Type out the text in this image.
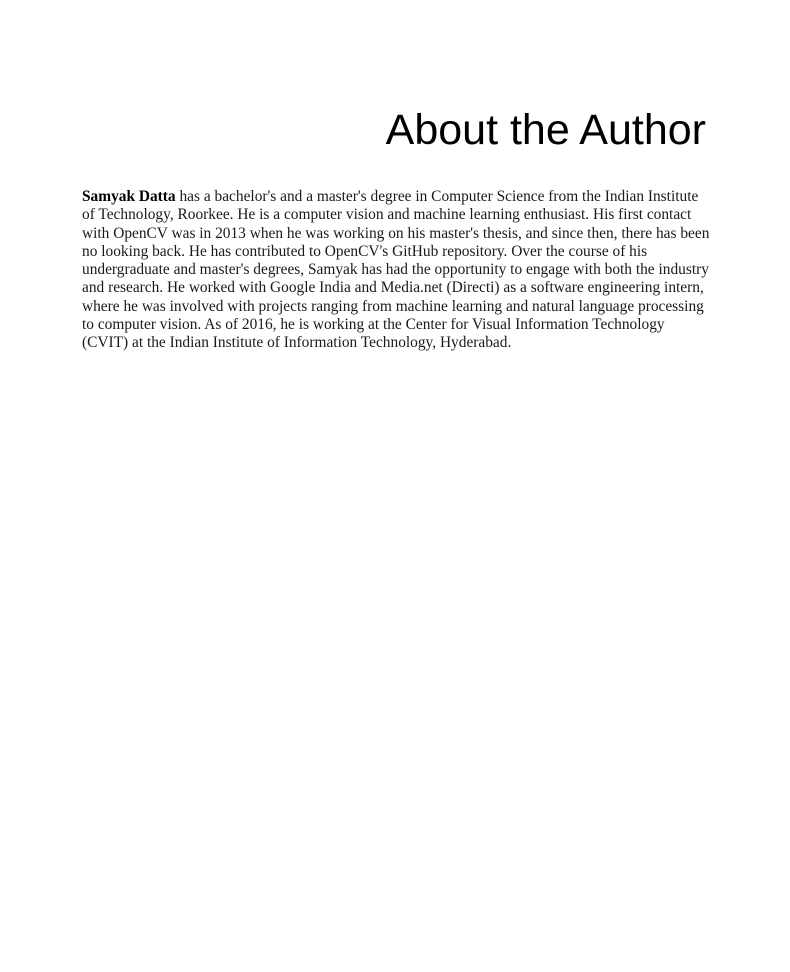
About the Author

Samyak Datta has a bachelor's and a master's degree in Computer Science from the Indian Institute of Technology, Roorkee. He is a computer vision and machine learning enthusiast. His first contact with OpenCV was in 2013 when he was working on his master's thesis, and since then, there has been no looking back. He has contributed to OpenCV's GitHub repository. Over the course of his undergraduate and master's degrees, Samyak has had the opportunity to engage with both the industry and research. He worked with Google India and Media.net (Directi) as a software engineering intern, where he was involved with projects ranging from machine learning and natural language processing to computer vision. As of 2016, he is working at the Center for Visual Information Technology (CVIT) at the Indian Institute of Information Technology, Hyderabad.
